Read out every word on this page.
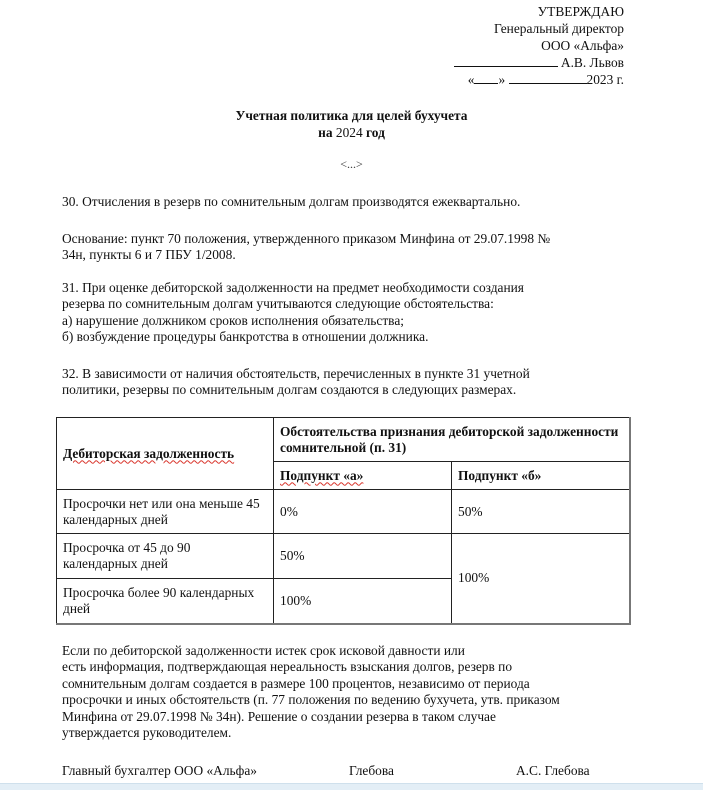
УТВЕРЖДАЮ
Генеральный директор
ООО «Альфа»
А.В. Львов
« »	2023 г.
Учетная политика для целей бухучета
на 2024 год
<...>

30. Отчисления в резерв по сомнительным долгам производятся ежеквартально.

Основание: пункт 70 положения, утвержденного приказом Минфина от 29.07.1998 №
34н, пункты 6 и 7 ПБУ 1/2008.
31. При оценке дебиторской задолженности на предмет необходимости создания
резерва по сомнительным долгам учитываются следующие обстоятельства:
а) нарушение должником сроков исполнения обязательства;
б) возбуждение процедуры банкротства в отношении должника.
32. В зависимости от наличия обстоятельств, перечисленных в пункте 31 учетной
политики, резервы по сомнительным долгам создаются в следующих размерах.
Дебиторская задолженность	Обстоятельства признания дебиторской задолженности сомнительной (п. 31)	
	Подпункт «а»	Подпункт «б»
Просрочки нет или она меньше 45 календарных дней	0%	50%
Просрочка от 45 до 90 календарных дней	50%	100%
Просрочка более 90 календарных дней	100%	
Если по дебиторской задолженности истек срок исковой давности или
есть информация, подтверждающая нереальность взыскания долгов, резерв по
сомнительным долгам создается в размере 100 процентов, независимо от периода
просрочки и иных обстоятельств (п. 77 положения по ведению бухучета, утв. приказом
Минфина от 29.07.1998 № 34н). Решение о создании резерва в таком случае
утверждается руководителем.
Главный бухгалтер ООО «Альфа»	Глебова	А.С. Глебова
